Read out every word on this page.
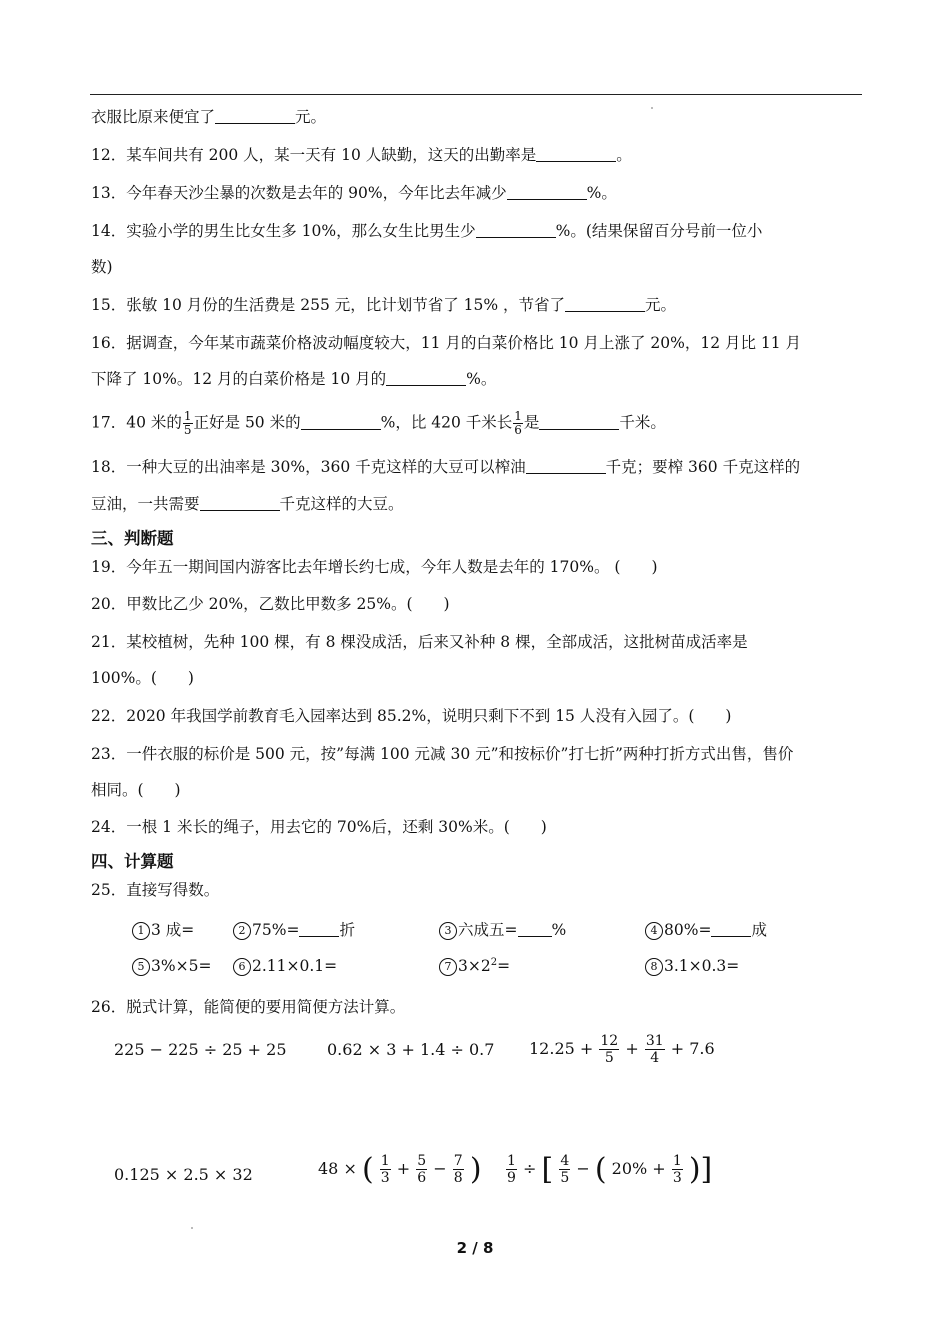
衣服比原来便宜了	元。
12．某车间共有 200 人，某一天有 10 人缺勤，这天的出勤率是	。
13．今年春天沙尘暴的次数是去年的 90%，今年比去年减少	%。
14．实验小学的男生比女生多 10%，那么女生比男生少	%。(结果保留百分号前一位小
数)
15．张敏 10 月份的生活费是 255 元，比计划节省了 15% ，节省了	元。
16．据调查，今年某市蔬菜价格波动幅度较大，11 月的白菜价格比 10 月上涨了 20%，12 月比 11 月
下降了 10%。12 月的白菜价格是 10 月的	%。
17．40 米的 $\frac{1}{5}$ 正好是 50 米的	%，比 420 千米长 $\frac{1}{6}$ 是	千米。
18．一种大豆的出油率是 30%，360 千克这样的大豆可以榨油	千克；要榨 360 千克这样的
豆油，一共需要	千克这样的大豆。
三、判断题
19．今年五一期间国内游客比去年增长约七成，今年人数是去年的 170%。 (　　)
20．甲数比乙少 20%，乙数比甲数多 25%。(　　)
21．某校植树，先种 100 棵，有 8 棵没成活，后来又补种 8 棵，全部成活，这批树苗成活率是
100%。(　　)
22．2020 年我国学前教育毛入园率达到 85.2%，说明只剩下不到 15 人没有入园了。(　　)
23．一件衣服的标价是 500 元，按”每满 100 元减 30 元”和按标价”打七折”两种打折方式出售，售价
相同。(　　)
24．一根 1 米长的绳子，用去它的 70%后，还剩 30%米。(　　)
四、计算题
25．直接写得数。
1 3 成=	2 75%=	折	3 六成五= %	4 80%=	成
5 3%×5=	6 2.11×0.1=	7 $3\times 2^2=$	8 3.1×0.3=
26．脱式计算，能简便的要用简便方法计算。
225 − 225 ÷ 25 + 25	0.62 × 3 + 1.4 ÷ 0.7 $12.25 + \frac{12}{5} + \frac{31}{4} + 7.6$
0.125 × 2.5 × 32	48 × ( $\frac{1}{3} + \frac{5}{6} - \frac{7}{8}$ ) $\frac{1}{9}$ ÷ [ $\frac{4}{5}$ − ( $20\% + \frac{1}{3}$ )]
2 / 8
